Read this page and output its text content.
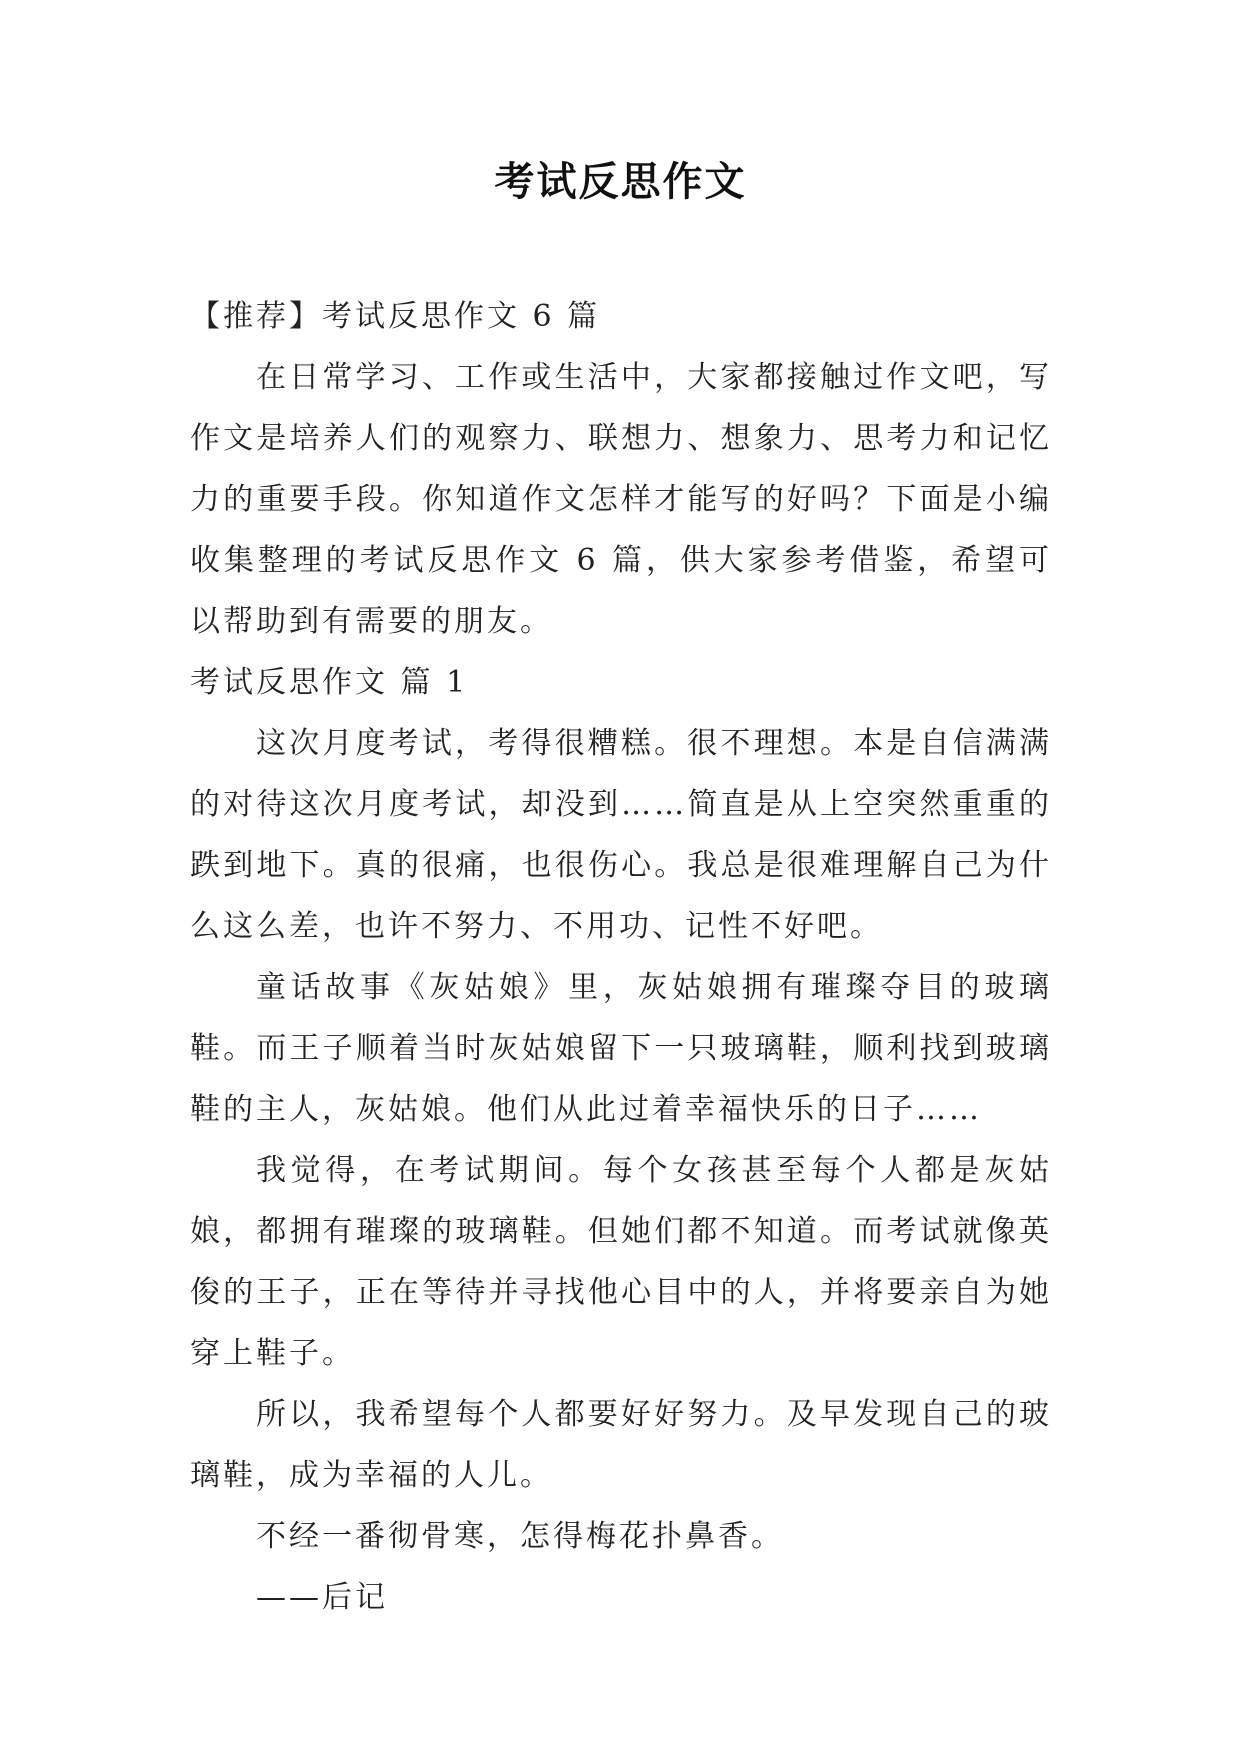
考试反思作文

【推荐】考试反思作文 6 篇

在日常学习、工作或生活中，大家都接触过作文吧，写作文是培养人们的观察力、联想力、想象力、思考力和记忆力的重要手段。你知道作文怎样才能写的好吗？下面是小编收集整理的考试反思作文 6 篇，供大家参考借鉴，希望可以帮助到有需要的朋友。

考试反思作文 篇 1

这次月度考试，考得很糟糕。很不理想。本是自信满满的对待这次月度考试，却没到……简直是从上空突然重重的跌到地下。真的很痛，也很伤心。我总是很难理解自己为什么这么差，也许不努力、不用功、记性不好吧。

童话故事《灰姑娘》里，灰姑娘拥有璀璨夺目的玻璃鞋。而王子顺着当时灰姑娘留下一只玻璃鞋，顺利找到玻璃鞋的主人，灰姑娘。他们从此过着幸福快乐的日子……

我觉得，在考试期间。每个女孩甚至每个人都是灰姑娘，都拥有璀璨的玻璃鞋。但她们都不知道。而考试就像英俊的王子，正在等待并寻找他心目中的人，并将要亲自为她穿上鞋子。

所以，我希望每个人都要好好努力。及早发现自己的玻璃鞋，成为幸福的人儿。

不经一番彻骨寒，怎得梅花扑鼻香。

——后记
